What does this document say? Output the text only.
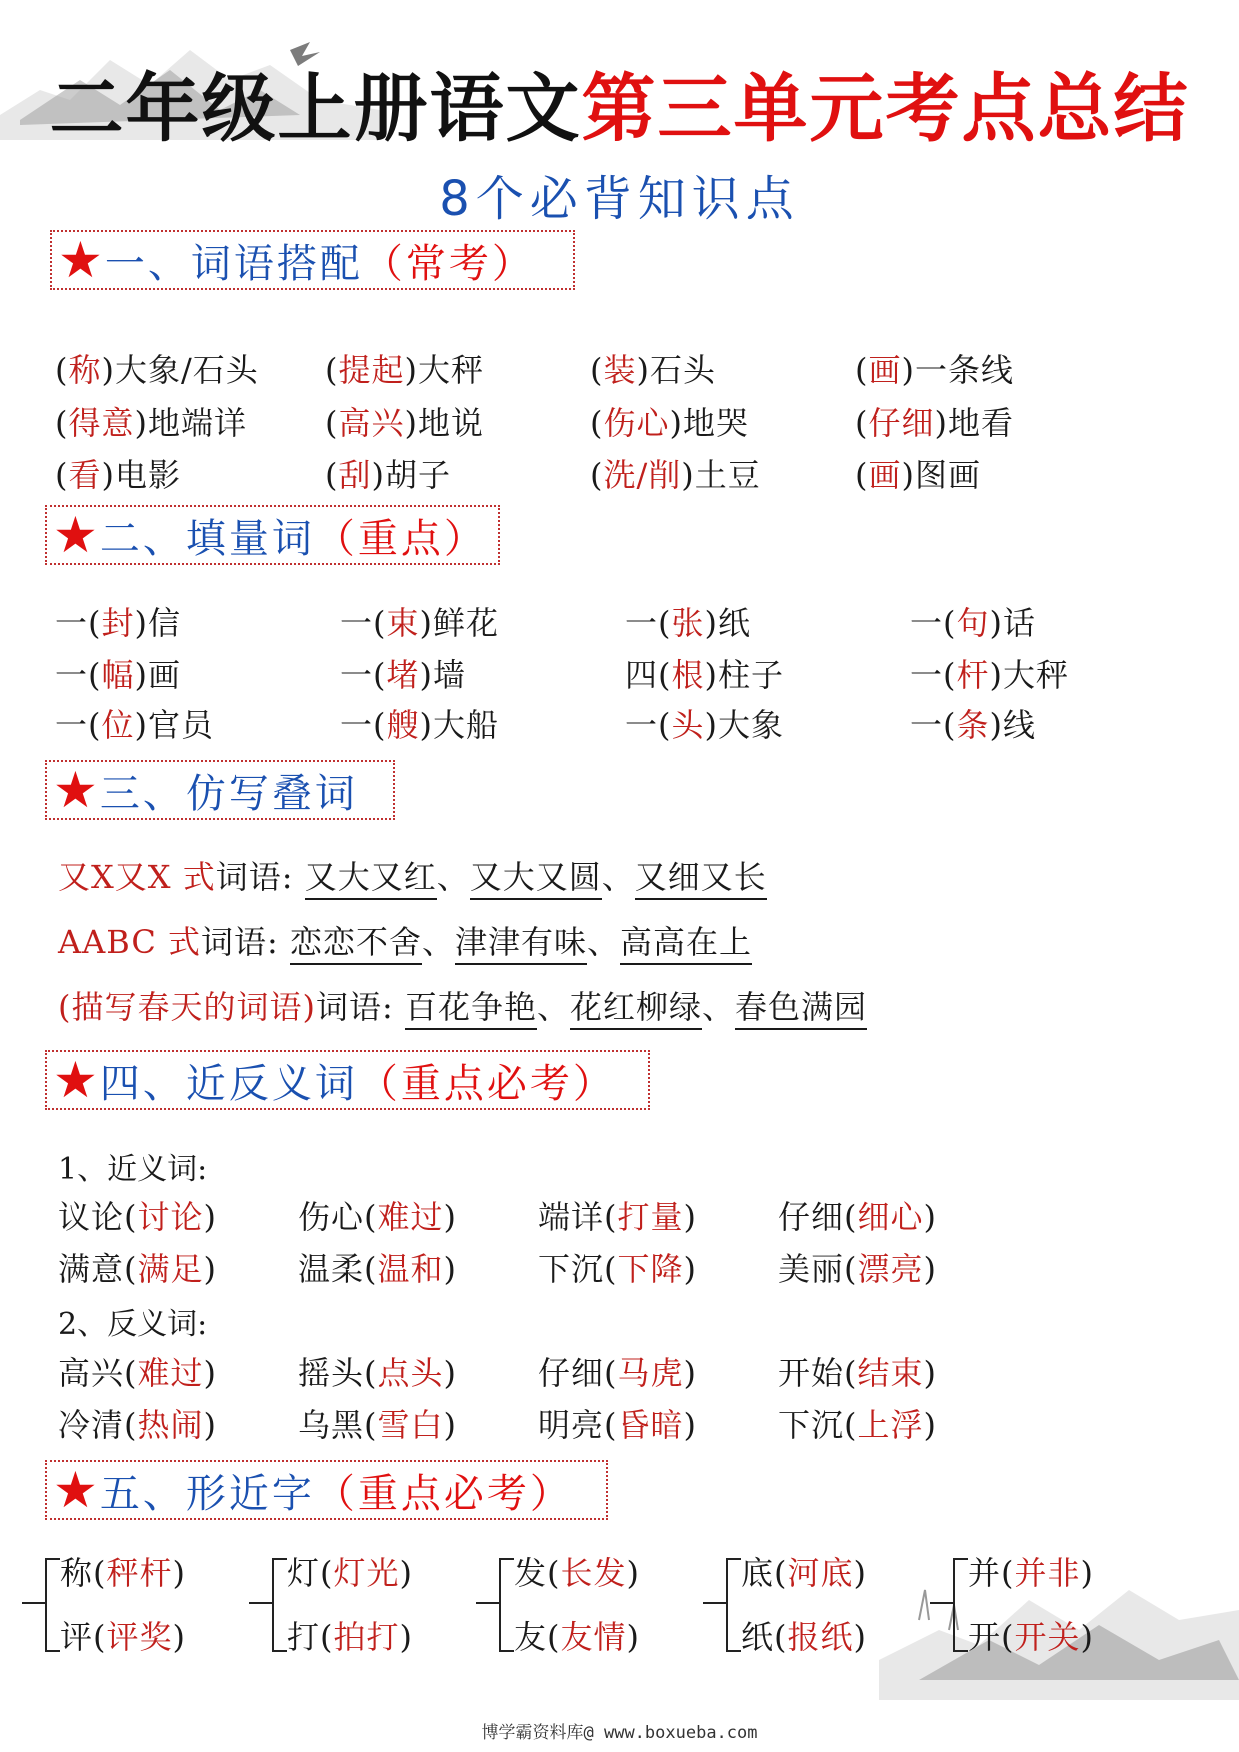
二年级上册语文第三单元考点总结
8个必背知识点
★ 一、词语搭配 （常考）
(称)大象/石头 (提起)大秤	(装)石头	(画)一条线
(得意)地端详 (高兴)地说	(伤心)地哭	(仔细)地看
(看)电影	(刮)胡子	(洗/削)土豆	(画)图画
★ 二、填量词 （重点）
一(封)信	一(束)鲜花	一(张)纸	一(句)话
一(幅)画	一(堵)墙	四(根)柱子	一(杆)大秤
一(位)官员	一(艘)大船	一(头)大象	一(条)线
★ 三、仿写叠词
又X又X 式词语: 又大又红、又大又圆、又细又长
AABC 式词语: 恋恋不舍、津津有味、高高在上
(描写春天的词语)词语: 百花争艳、花红柳绿、春色满园
★ 四、近反义词 （重点必考）
1、近义词:
议论(讨论)	伤心(难过)	端详(打量)	仔细(细心)
满意(满足)	温柔(温和)	下沉(下降)	美丽(漂亮)
2、反义词:
高兴(难过)	摇头(点头)	仔细(马虎)	开始(结束)
冷清(热闹)	乌黑(雪白)	明亮(昏暗)	下沉(上浮)
★ 五、形近字 （重点必考）
称(秤杆)
评(评奖)
灯(灯光)
打(拍打)
发(长发)
友(友情)
底(河底)
纸(报纸)
并(并非)
开(开关)
博学霸资料库@ www.boxueba.com
